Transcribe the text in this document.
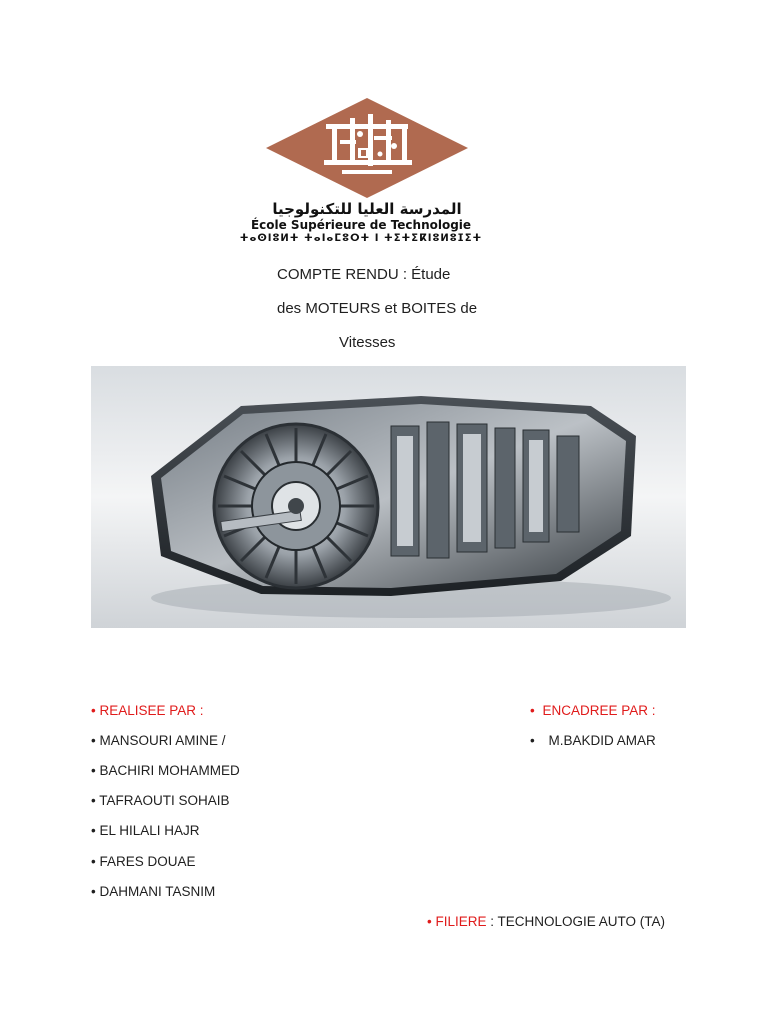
المدرسة العليا للتكنولوجيا
École Supérieure de Technologie
ⵜⴰⵙⵏⵓⵍⵜ ⵜⴰⵏⴰⵎⵓⵔⵜ ⵏ ⵜⵉⵜⵉⴽⵏⵓⵍⵓⵊⵉⵜ
COMPTE RENDU : Étude
des MOTEURS et BOITES de
Vitesses
• REALISEE PAR :
• MANSOURI AMINE /
• BACHIRI MOHAMMED
• TAFRAOUTI SOHAIB
• EL HILALI HAJR
• FARES DOUAE
• DAHMANI TASNIM
• ENCADREE PAR :
• M.BAKDID AMAR
• FILIERE : TECHNOLOGIE AUTO (TA)
